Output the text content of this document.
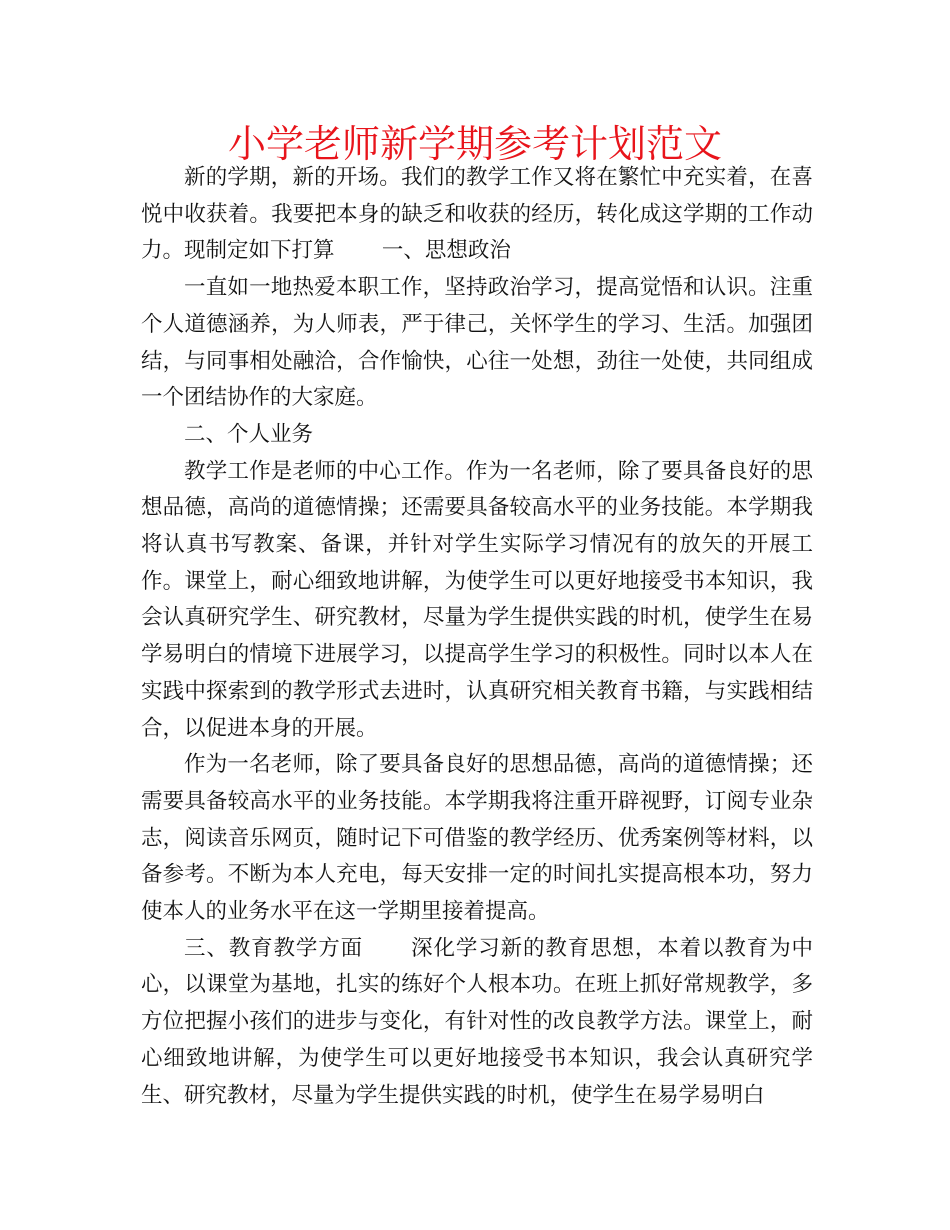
小学老师新学期参考计划范文

新的学期，新的开场。我们的教学工作又将在繁忙中充实着，在喜悦中收获着。我要把本身的缺乏和收获的经历，转化成这学期的工作动力。现制定如下打算 一、思想政治

一直如一地热爱本职工作，坚持政治学习，提高觉悟和认识。注重个人道德涵养，为人师表，严于律己，关怀学生的学习、生活。加强团结，与同事相处融洽，合作愉快，心往一处想，劲往一处使，共同组成一个团结协作的大家庭。

二、个人业务

教学工作是老师的中心工作。作为一名老师，除了要具备良好的思想品德，高尚的道德情操；还需要具备较高水平的业务技能。本学期我将认真书写教案、备课，并针对学生实际学习情况有的放矢的开展工作。课堂上，耐心细致地讲解，为使学生可以更好地接受书本知识，我会认真研究学生、研究教材，尽量为学生提供实践的时机，使学生在易学易明白的情境下进展学习，以提高学生学习的积极性。同时以本人在实践中探索到的教学形式去进时，认真研究相关教育书籍，与实践相结合，以促进本身的开展。

作为一名老师，除了要具备良好的思想品德，高尚的道德情操；还需要具备较高水平的业务技能。本学期我将注重开辟视野，订阅专业杂志，阅读音乐网页，随时记下可借鉴的教学经历、优秀案例等材料，以备参考。不断为本人充电，每天安排一定的时间扎实提高根本功，努力使本人的业务水平在这一学期里接着提高。

三、教育教学方面 深化学习新的教育思想，本着以教育为中心，以课堂为基地，扎实的练好个人根本功。在班上抓好常规教学，多方位把握小孩们的进步与变化，有针对性的改良教学方法。课堂上，耐心细致地讲解，为使学生可以更好地接受书本知识，我会认真研究学生、研究教材，尽量为学生提供实践的时机，使学生在易学易明白
